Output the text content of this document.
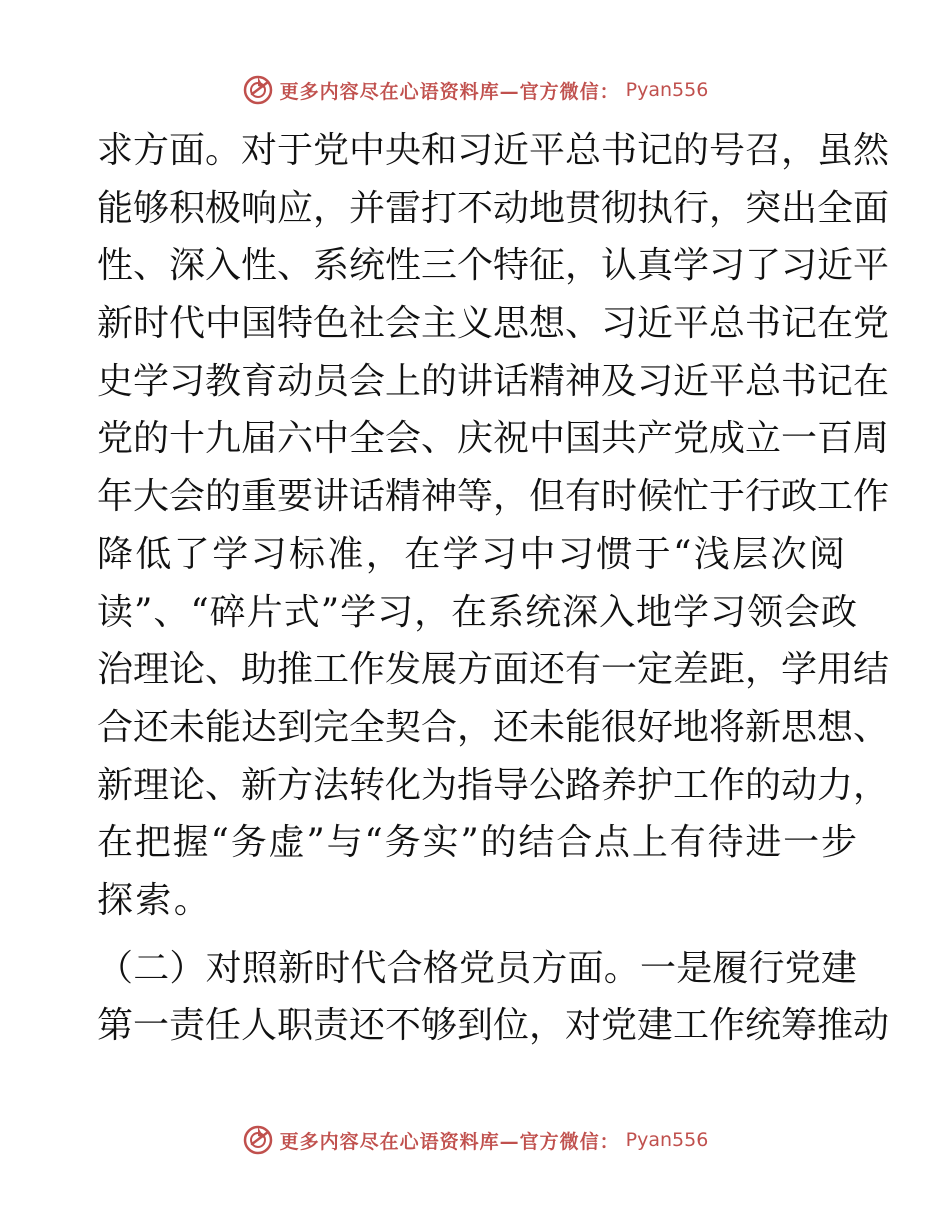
更多内容尽在心语资料库—官方微信： Pyan556
求方面。对于党中央和习近平总书记的号召，虽然
能够积极响应，并雷打不动地贯彻执行，突出全面
性、深入性、系统性三个特征，认真学习了习近平
新时代中国特色社会主义思想、习近平总书记在党
史学习教育动员会上的讲话精神及习近平总书记在
党的十九届六中全会、庆祝中国共产党成立一百周
年大会的重要讲话精神等，但有时候忙于行政工作
降低了学习标准，在学习中习惯于“浅层次阅
读”、“碎片式”学习，在系统深入地学习领会政
治理论、助推工作发展方面还有一定差距，学用结
合还未能达到完全契合，还未能很好地将新思想、
新理论、新方法转化为指导公路养护工作的动力，
在把握“务虚”与“务实”的结合点上有待进一步
探索。
（二）对照新时代合格党员方面。一是履行党建
第一责任人职责还不够到位，对党建工作统筹推动
更多内容尽在心语资料库—官方微信： Pyan556
